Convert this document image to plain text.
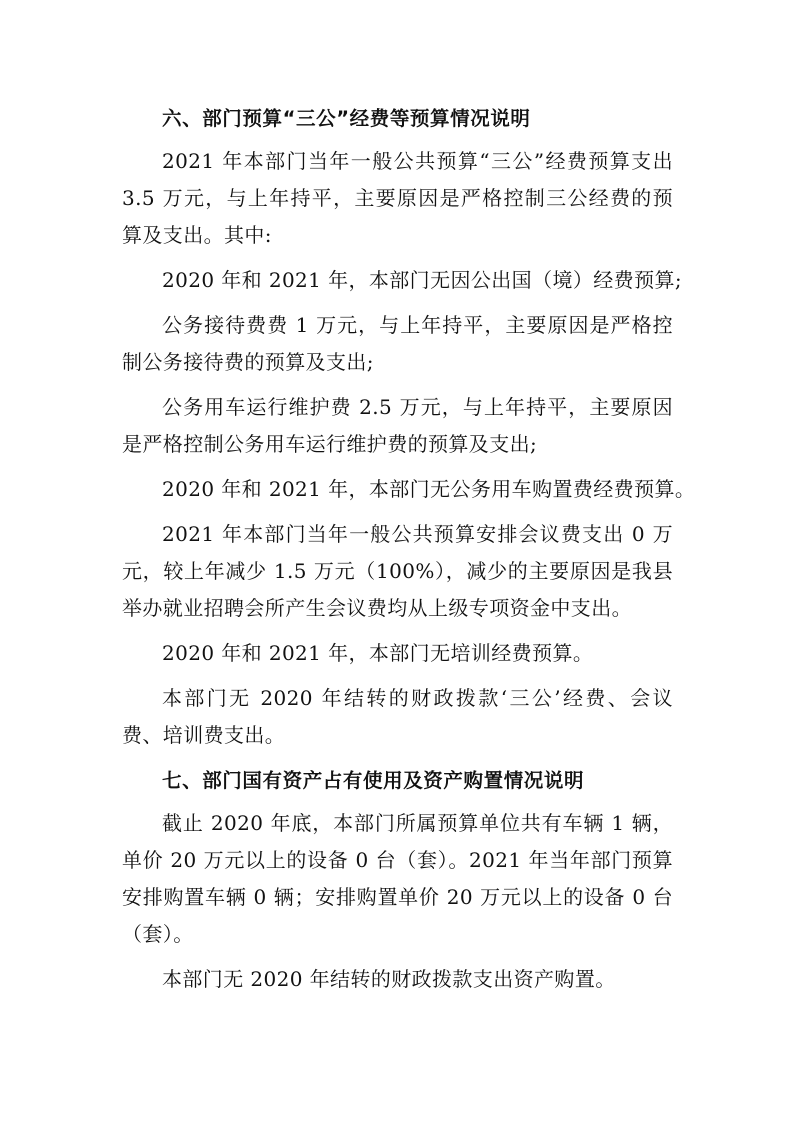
六、部门预算“三公”经费等预算情况说明
2021 年本部门当年一般公共预算“三公”经费预算支出
3.5 万元，与上年持平，主要原因是严格控制三公经费的预
算及支出。其中:
2020 年和 2021 年，本部门无因公出国（境）经费预算;
公务接待费费 1 万元，与上年持平，主要原因是严格控
制公务接待费的预算及支出;
公务用车运行维护费 2.5 万元，与上年持平，主要原因
是严格控制公务用车运行维护费的预算及支出;
2020 年和 2021 年，本部门无公务用车购置费经费预算。
2021 年本部门当年一般公共预算安排会议费支出 0 万
元，较上年减少 1.5 万元（100%），减少的主要原因是我县
举办就业招聘会所产生会议费均从上级专项资金中支出。
2020 年和 2021 年，本部门无培训经费预算。
本部门无 2020 年结转的财政拨款‘三公’经费、会议
费、培训费支出。
七、部门国有资产占有使用及资产购置情况说明
截止 2020 年底，本部门所属预算单位共有车辆 1 辆，
单价 20 万元以上的设备 0 台（套）。2021 年当年部门预算
安排购置车辆 0 辆；安排购置单价 20 万元以上的设备 0 台
（套）。
本部门无 2020 年结转的财政拨款支出资产购置。
